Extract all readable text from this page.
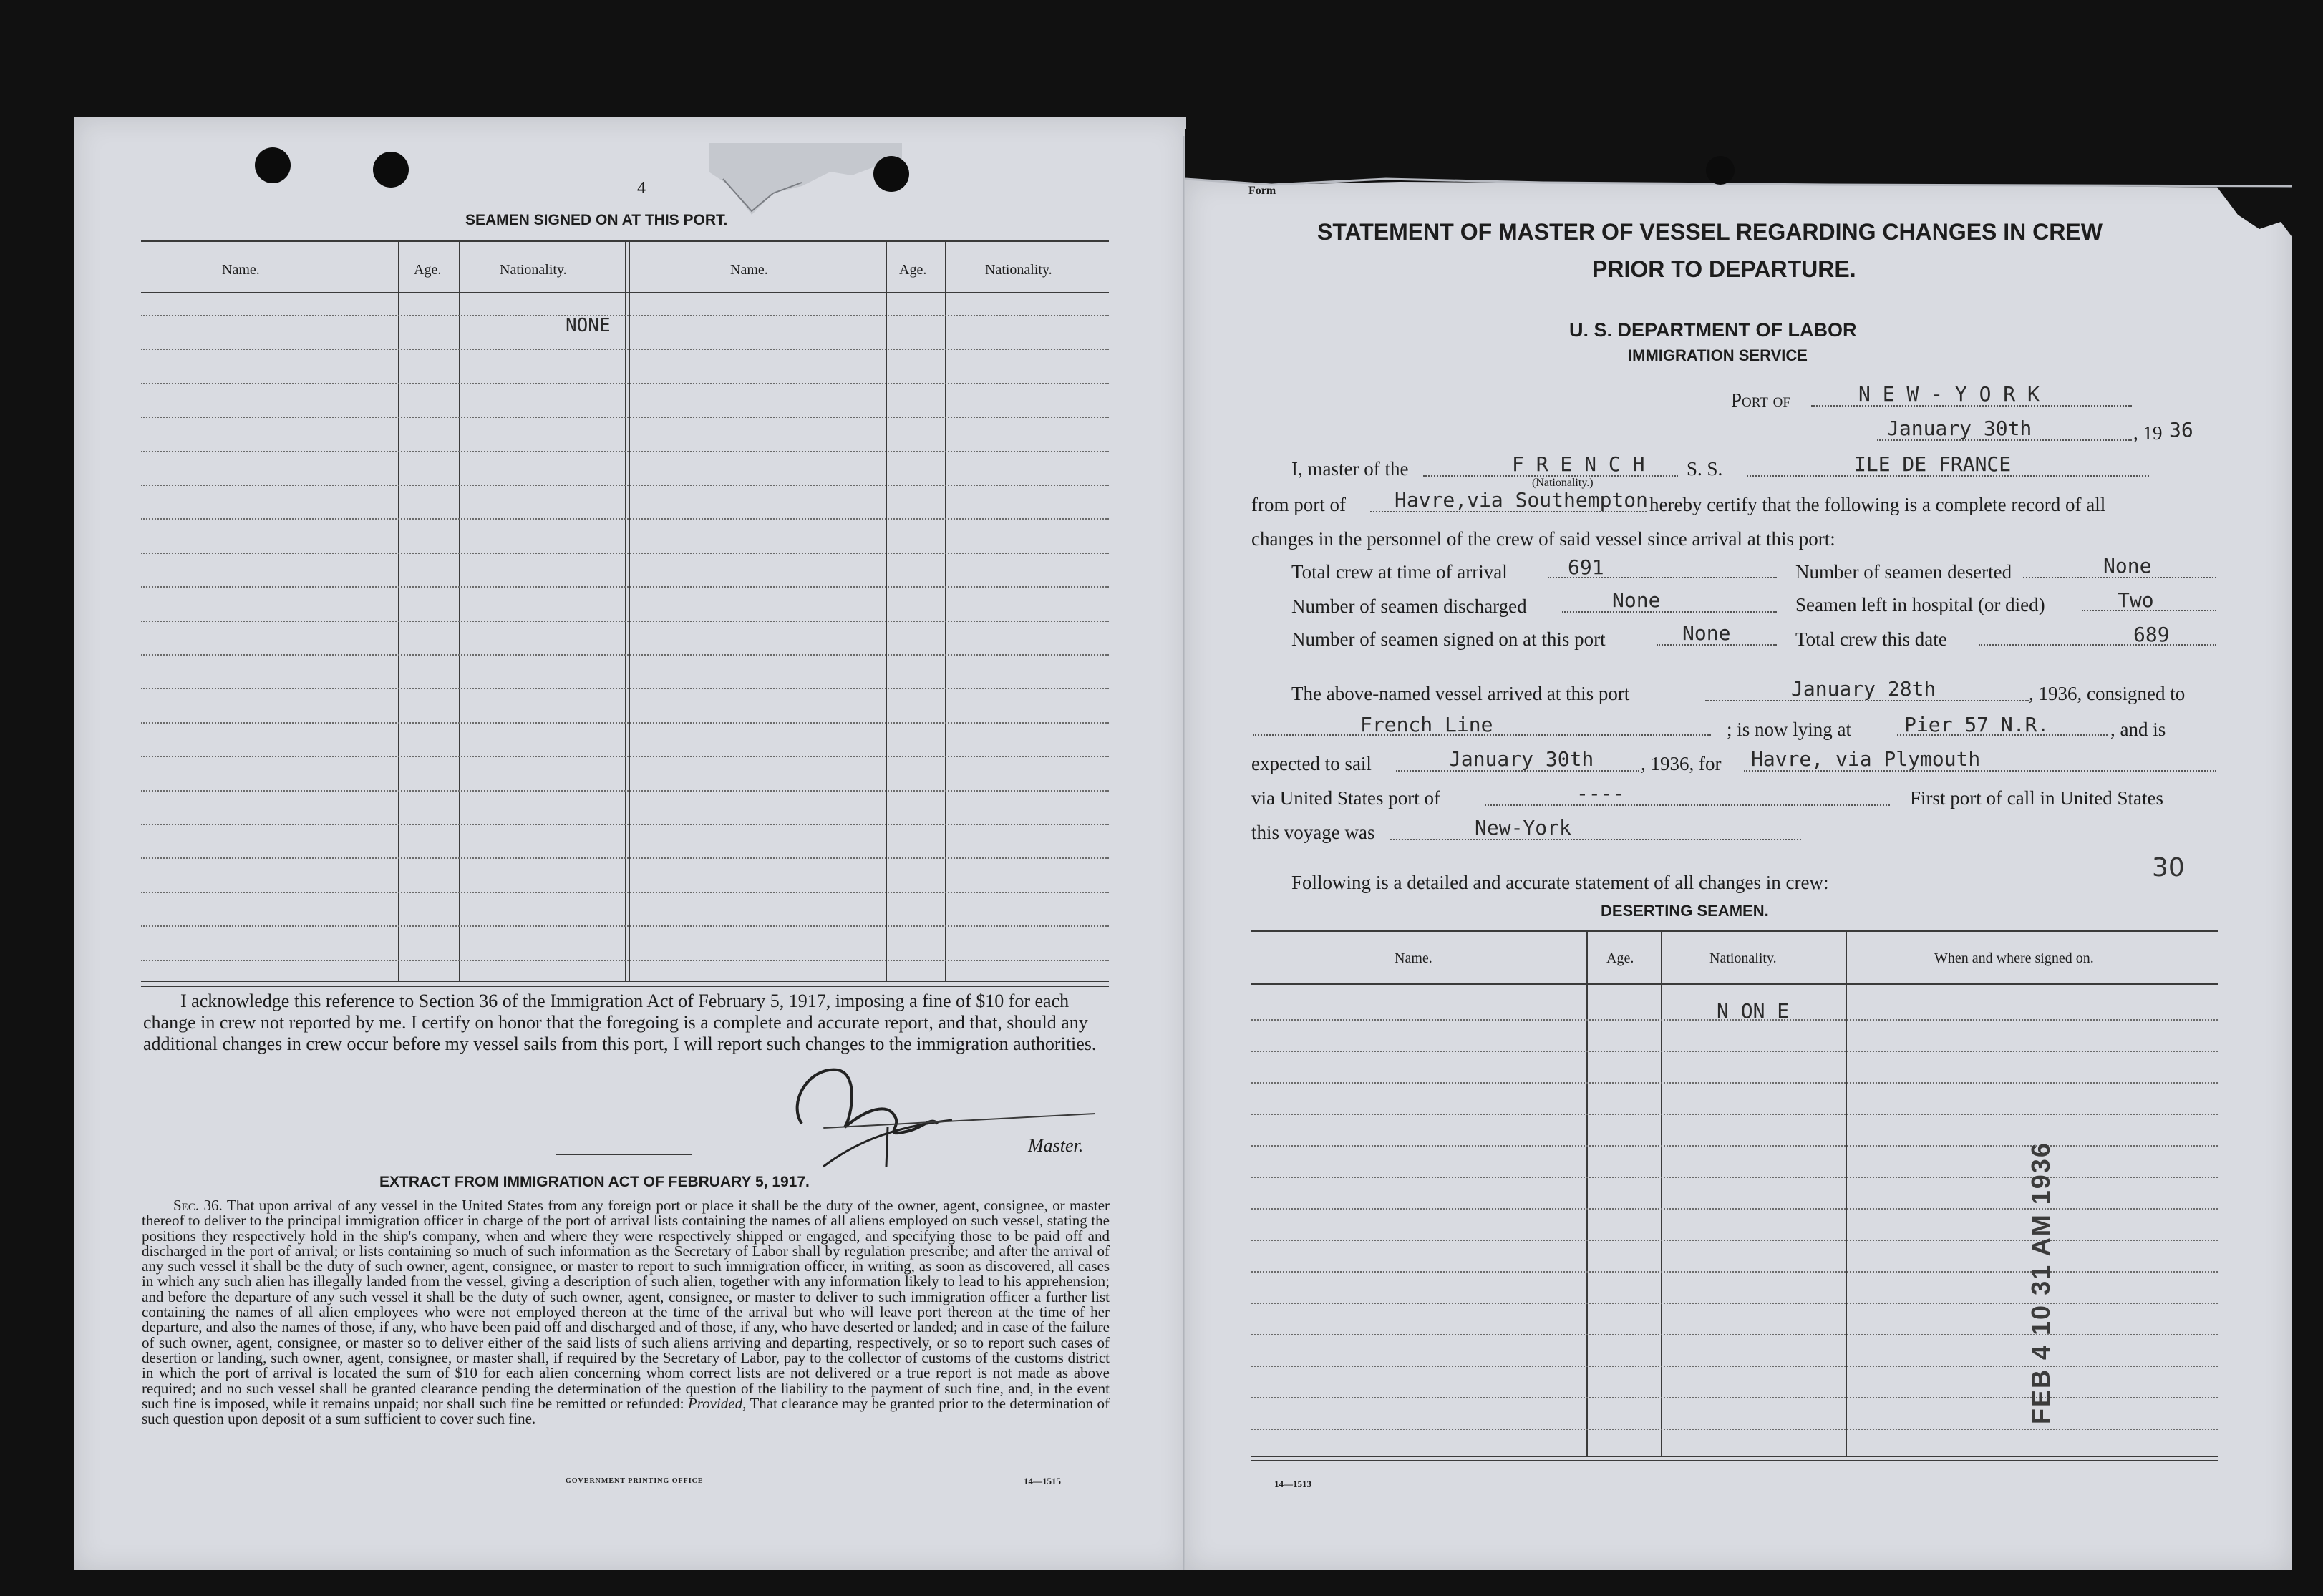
4
SEAMEN SIGNED ON AT THIS PORT.
Name.	Age.	Nationality.	Name.	Age.	Nationality.
NONE
I acknowledge this reference to Section 36 of the Immigration Act of February 5, 1917, imposing a fine of $10 for each change in crew not reported by me. I certify on honor that the foregoing is a complete and accurate report, and that, should any additional changes in crew occur before my vessel sails from this port, I will report such changes to the immigration authorities.
Master.
EXTRACT FROM IMMIGRATION ACT OF FEBRUARY 5, 1917.
Sec. 36. That upon arrival of any vessel in the United States from any foreign port or place it shall be the duty of the owner, agent, consignee, or master thereof to deliver to the principal immigration officer in charge of the port of arrival lists containing the names of all aliens employed on such vessel, stating the positions they respectively hold in the ship's company, when and where they were respectively shipped or engaged, and specifying those to be paid off and discharged in the port of arrival; or lists containing so much of such information as the Secretary of Labor shall by regulation prescribe; and after the arrival of any such vessel it shall be the duty of such owner, agent, consignee, or master to report to such immigration officer, in writing, as soon as discovered, all cases in which any such alien has illegally landed from the vessel, giving a description of such alien, together with any information likely to lead to his apprehension; and before the departure of any such vessel it shall be the duty of such owner, agent, consignee, or master to deliver to such immigration officer a further list containing the names of all alien employees who were not employed thereon at the time of the arrival but who will leave port thereon at the time of her departure, and also the names of those, if any, who have been paid off and discharged and of those, if any, who have deserted or landed; and in case of the failure of such owner, agent, consignee, or master so to deliver either of the said lists of such aliens arriving and departing, respectively, or so to report such cases of desertion or landing, such owner, agent, consignee, or master shall, if required by the Secretary of Labor, pay to the collector of customs of the customs district in which the port of arrival is located the sum of $10 for each alien concerning whom correct lists are not delivered or a true report is not made as above required; and no such vessel shall be granted clearance pending the determination of the question of the liability to the payment of such fine, and, in the event such fine is imposed, while it remains unpaid; nor shall such fine be remitted or refunded: Provided, That clearance may be granted prior to the determination of such question upon deposit of a sum sufficient to cover such fine.
GOVERNMENT PRINTING OFFICE	14—1515
Form
STATEMENT OF MASTER OF VESSEL REGARDING CHANGES IN CREW
PRIOR TO DEPARTURE.
U. S. DEPARTMENT OF LABOR
IMMIGRATION SERVICE
Port of	N E W - Y O R K
January 30th	, 19 36
I, master of the	F R E N C H
(Nationality.)
S. S.	ILE DE FRANCE
from port of Havre,via Southempton hereby certify that the following is a complete record of all
changes in the personnel of the crew of said vessel since arrival at this port:
Total crew at time of arrival	691	Number of seamen deserted	None
Number of seamen discharged	None	Seamen left in hospital (or died)	Two
Number of seamen signed on at this port	None	Total crew this date	689
The above-named vessel arrived at this port	January 28th	, 1936, consigned to
French Line	; is now lying at	Pier 57 N.R.	, and is
expected to sail	January 30th , 1936, for Havre, via Plymouth
via United States port of	----	First port of call in United States
this voyage was	New-York
Following is a detailed and accurate statement of all changes in crew:	30
DESERTING SEAMEN.
Name.	Age.	Nationality.	When and where signed on.
N ON E
FEB 4 10 31 AM 1936
14—1513
